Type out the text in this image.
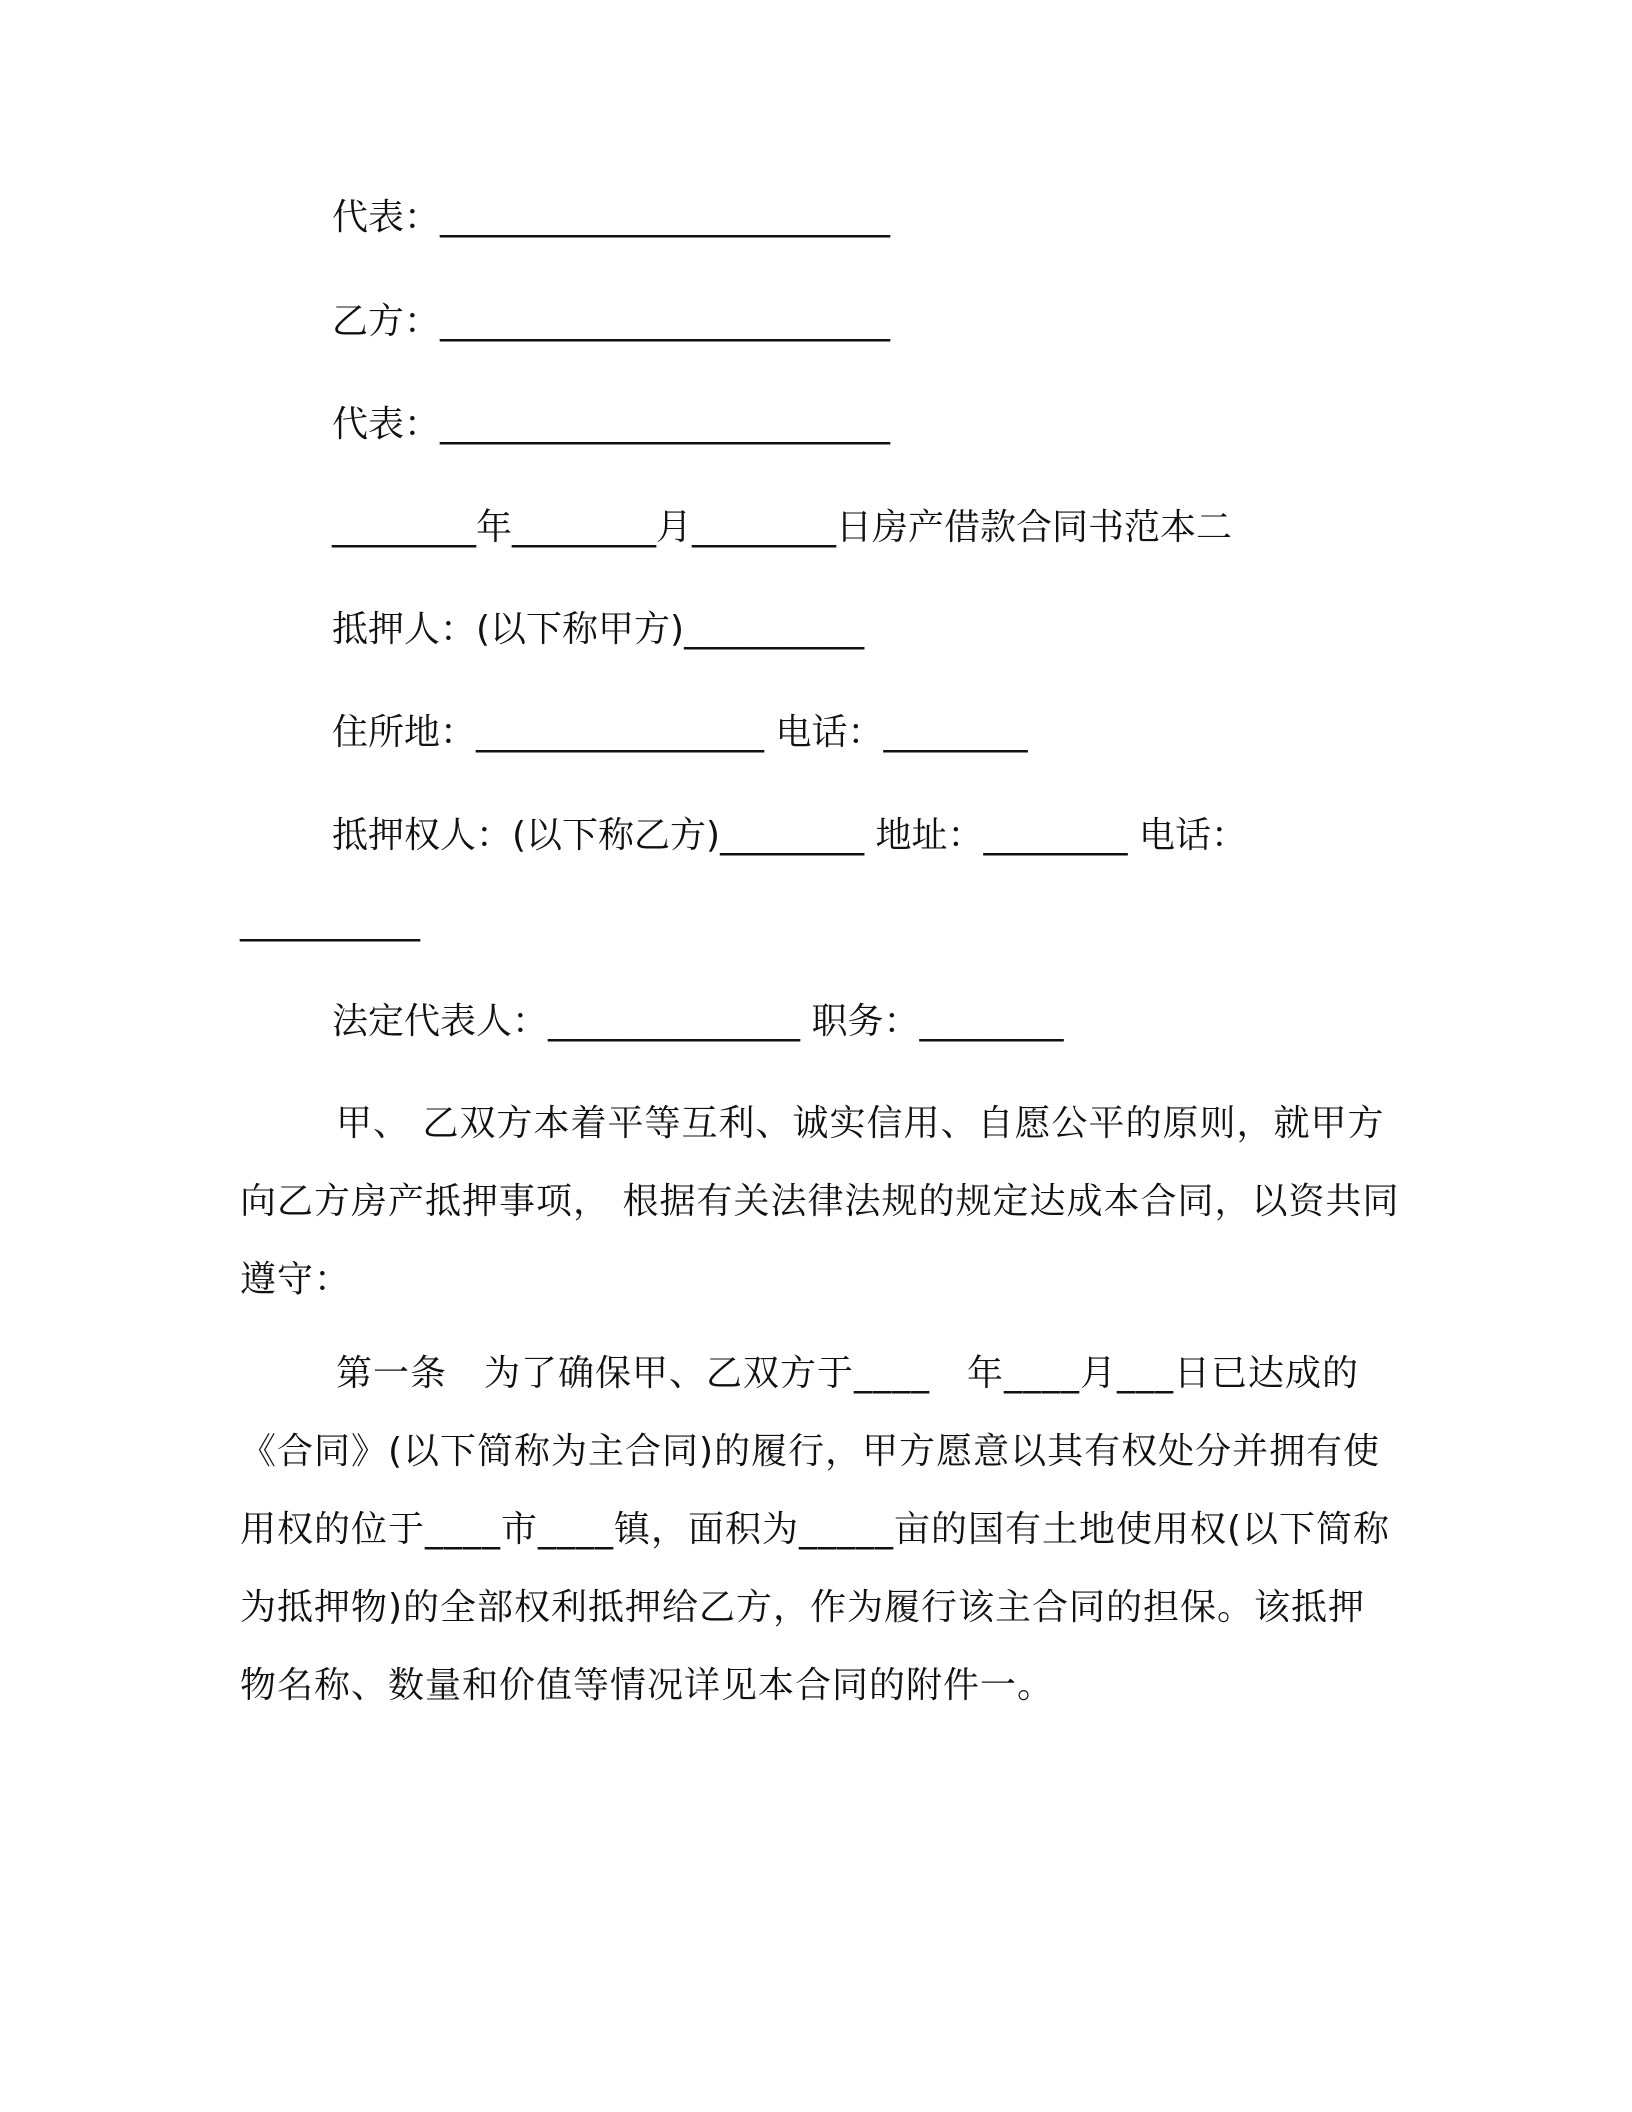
代表：_________________________
乙方：_________________________
代表：_________________________
________年________月________日房产借款合同书范本二
抵押人：(以下称甲方)__________
住所地：________________ 电话：________
抵押权人：(以下称乙方)________ 地址：________ 电话：
__________
法定代表人：______________ 职务：________
甲、 乙双方本着平等互利、诚实信用、自愿公平的原则，就甲方向乙方房产抵押事项， 根据有关法律法规的规定达成本合同，以资共同遵守：
第一条　为了确保甲、乙双方于____　年____月___日已达成的《合同》(以下简称为主合同)的履行，甲方愿意以其有权处分并拥有使用权的位于____市____镇，面积为_____亩的国有土地使用权(以下简称为抵押物)的全部权利抵押给乙方，作为履行该主合同的担保。该抵押物名称、数量和价值等情况详见本合同的附件一。
